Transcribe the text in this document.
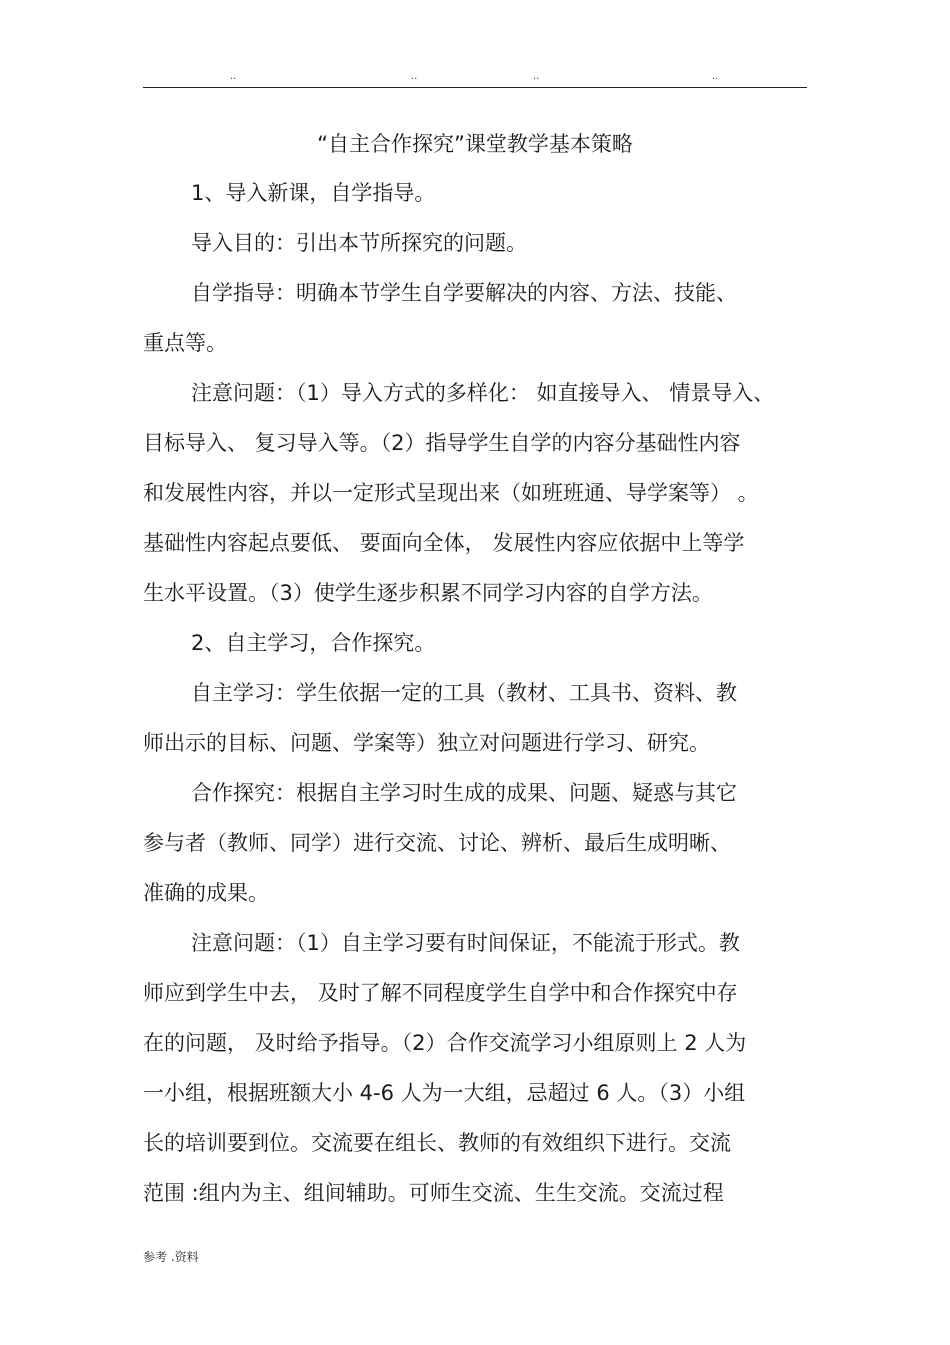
..	..	..	..
“自主合作探究”课堂教学基本策略
1、导入新课，自学指导。
导入目的：引出本节所探究的问题。
自学指导：明确本节学生自学要解决的内容、方法、技能、
重点等。
注意问题：（1）导入方式的多样化： 如直接导入、 情景导入、
目标导入、 复习导入等。（2）指导学生自学的内容分基础性内容
和发展性内容，并以一定形式呈现出来（如班班通、导学案等） 。
基础性内容起点要低、 要面向全体， 发展性内容应依据中上等学
生水平设置。（3）使学生逐步积累不同学习内容的自学方法。
2、自主学习，合作探究。
自主学习：学生依据一定的工具（教材、工具书、资料、教
师出示的目标、问题、学案等）独立对问题进行学习、研究。
合作探究：根据自主学习时生成的成果、问题、疑惑与其它
参与者（教师、同学）进行交流、讨论、辨析、最后生成明晰、
准确的成果。
注意问题：（1）自主学习要有时间保证，不能流于形式。教
师应到学生中去， 及时了解不同程度学生自学中和合作探究中存
在的问题， 及时给予指导。（2）合作交流学习小组原则上 2 人为
一小组，根据班额大小 4-6 人为一大组，忌超过 6 人。（3）小组
长的培训要到位。交流要在组长、教师的有效组织下进行。交流
范围 :组内为主、组间辅助。可师生交流、生生交流。交流过程
参考 .资料
